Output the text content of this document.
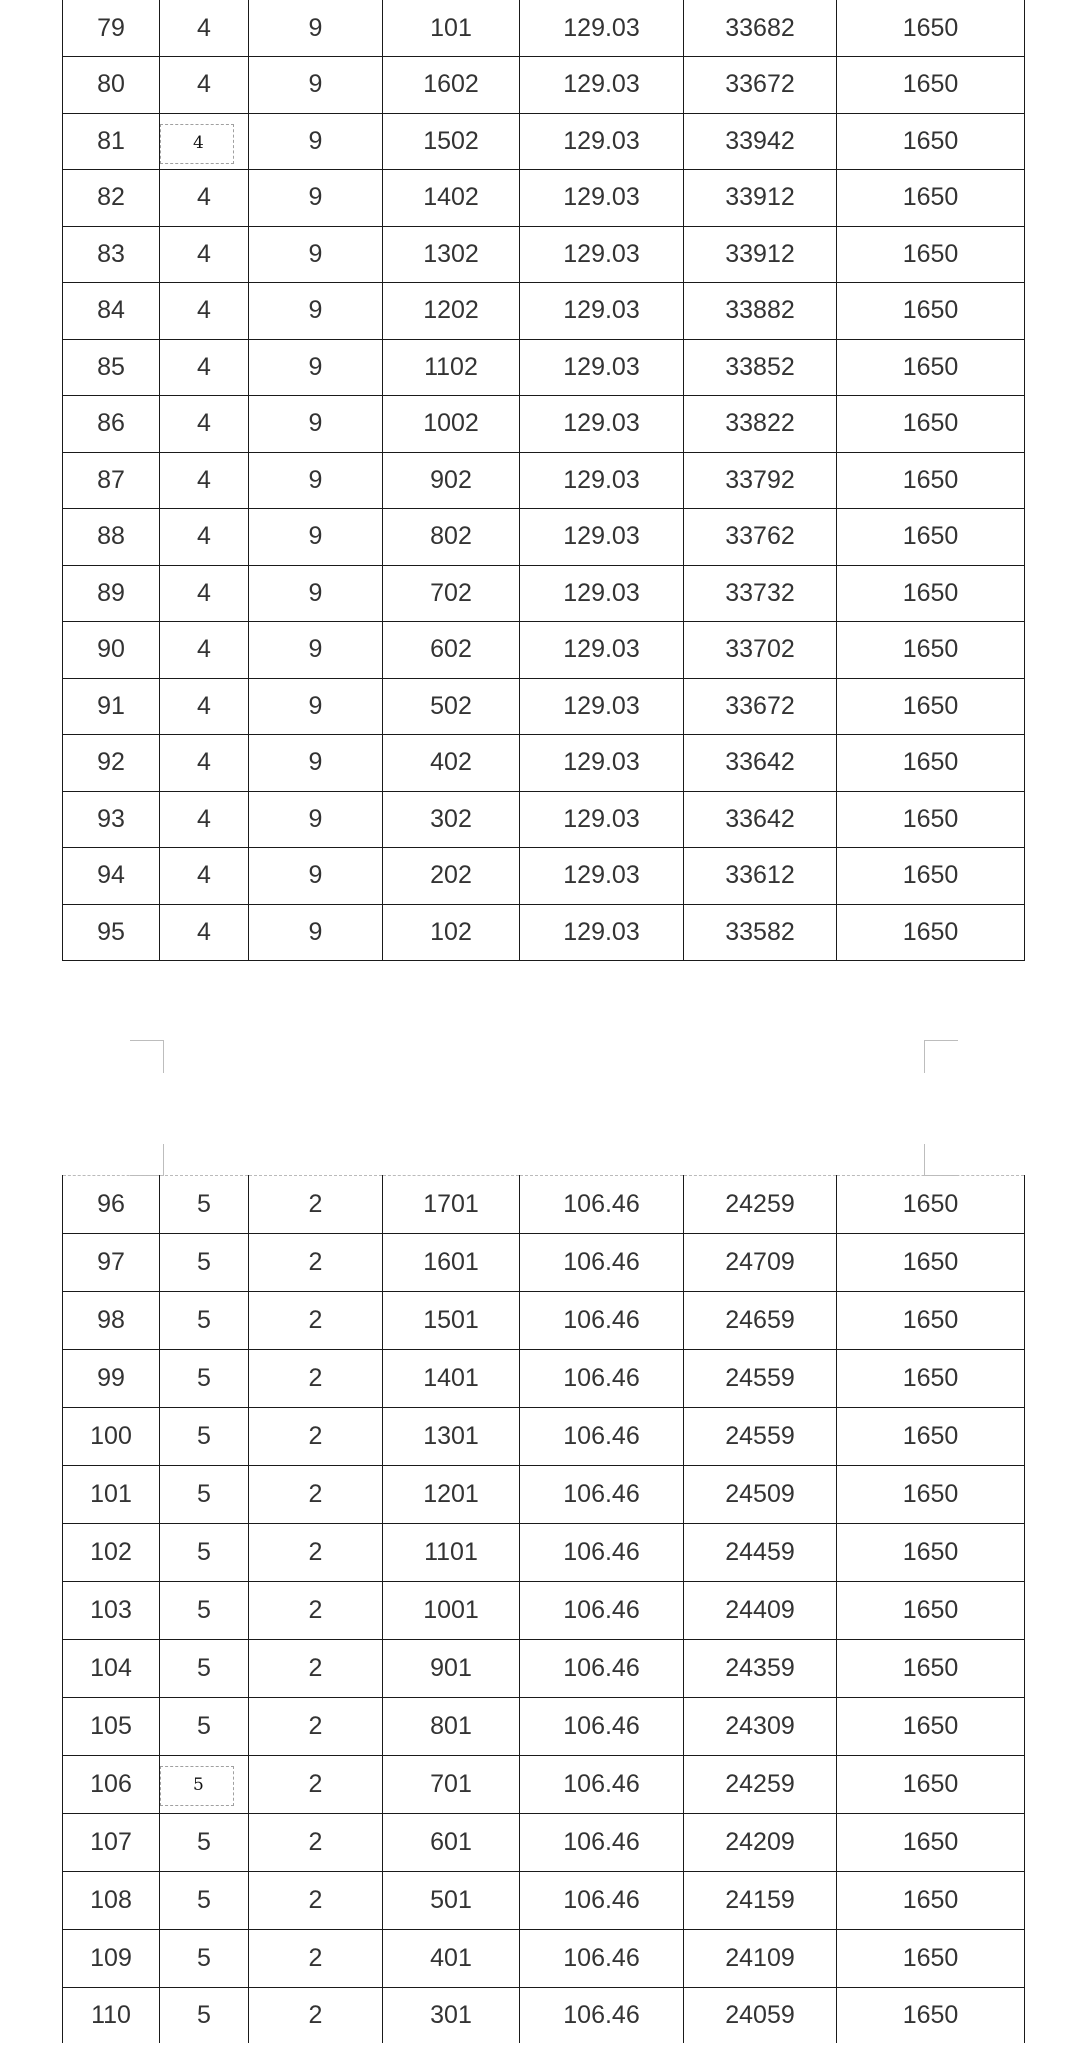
79	4	9	101	129.03	33682	1650
80	4	9	1602	129.03	33672	1650
81	4	9	1502	129.03	33942	1650
82	4	9	1402	129.03	33912	1650
83	4	9	1302	129.03	33912	1650
84	4	9	1202	129.03	33882	1650
85	4	9	1102	129.03	33852	1650
86	4	9	1002	129.03	33822	1650
87	4	9	902	129.03	33792	1650
88	4	9	802	129.03	33762	1650
89	4	9	702	129.03	33732	1650
90	4	9	602	129.03	33702	1650
91	4	9	502	129.03	33672	1650
92	4	9	402	129.03	33642	1650
93	4	9	302	129.03	33642	1650
94	4	9	202	129.03	33612	1650
95	4	9	102	129.03	33582	1650
96	5	2	1701	106.46	24259	1650
97	5	2	1601	106.46	24709	1650
98	5	2	1501	106.46	24659	1650
99	5	2	1401	106.46	24559	1650
100	5	2	1301	106.46	24559	1650
101	5	2	1201	106.46	24509	1650
102	5	2	1101	106.46	24459	1650
103	5	2	1001	106.46	24409	1650
104	5	2	901	106.46	24359	1650
105	5	2	801	106.46	24309	1650
106	5	2	701	106.46	24259	1650
107	5	2	601	106.46	24209	1650
108	5	2	501	106.46	24159	1650
109	5	2	401	106.46	24109	1650
110	5	2	301	106.46	24059	1650
